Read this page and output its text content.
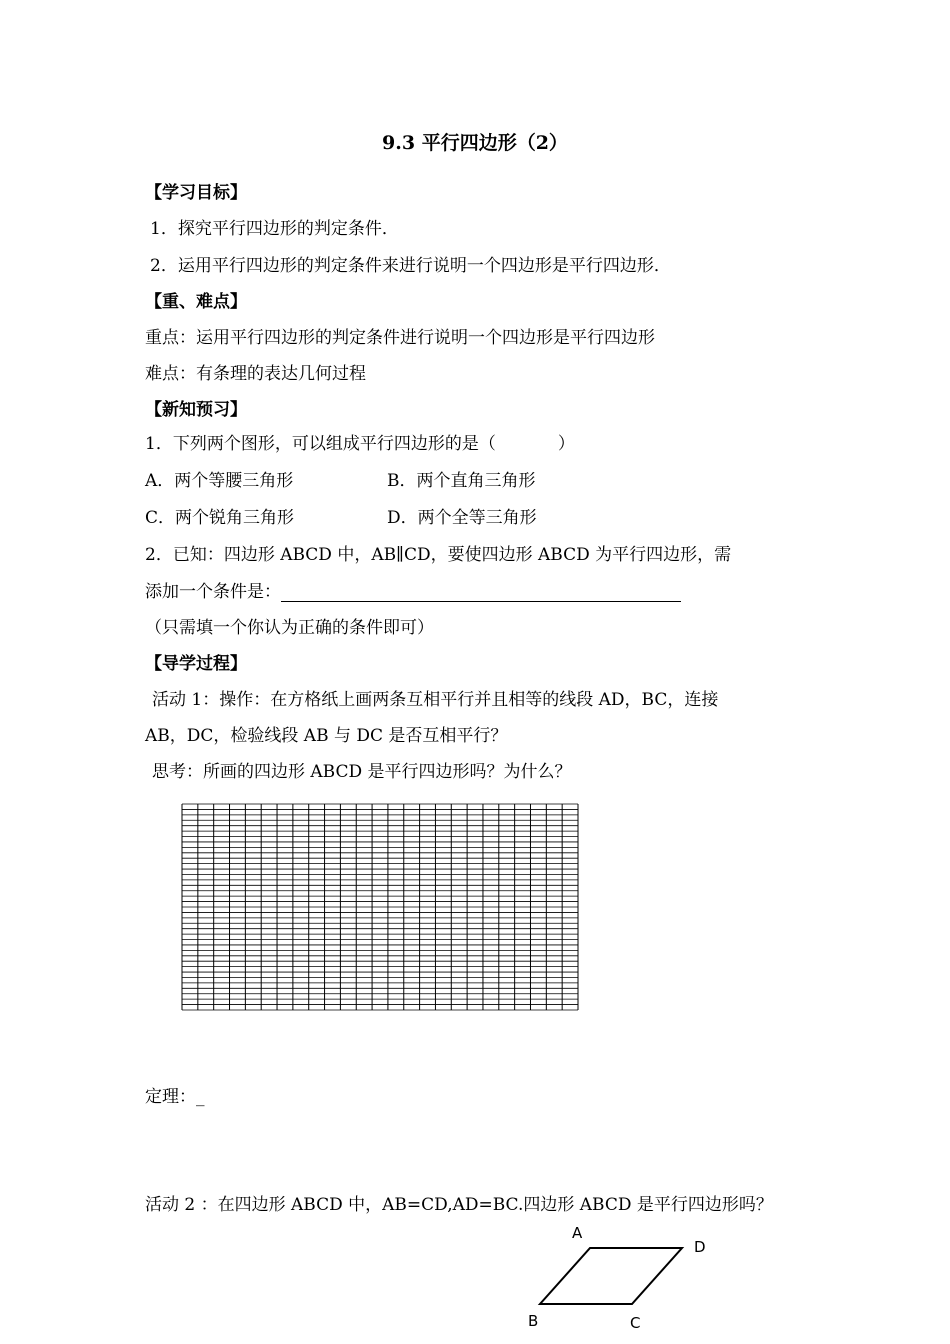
9.3 平行四边形（2）
【学习目标】
1．探究平行四边形的判定条件．
2．运用平行四边形的判定条件来进行说明一个四边形是平行四边形．
【重、难点】
重点：运用平行四边形的判定条件进行说明一个四边形是平行四边形
难点：有条理的表达几何过程
【新知预习】
1．下列两个图形，可以组成平行四边形的是（	）
A．两个等腰三角形	B．两个直角三角形
C．两个锐角三角形	D．两个全等三角形
2．已知：四边形 ABCD 中，AB∥CD，要使四边形 ABCD 为平行四边形，需
添加一个条件是：
（只需填一个你认为正确的条件即可）
【导学过程】
活动 1：操作：在方格纸上画两条互相平行并且相等的线段 AD，BC，连接
AB，DC，检验线段 AB 与 DC 是否互相平行？
思考：所画的四边形 ABCD 是平行四边形吗？为什么？
定理：_
活动 2 ：在四边形 ABCD 中，AB=CD,AD=BC.四边形 ABCD 是平行四边形吗？
A
D
B	C
